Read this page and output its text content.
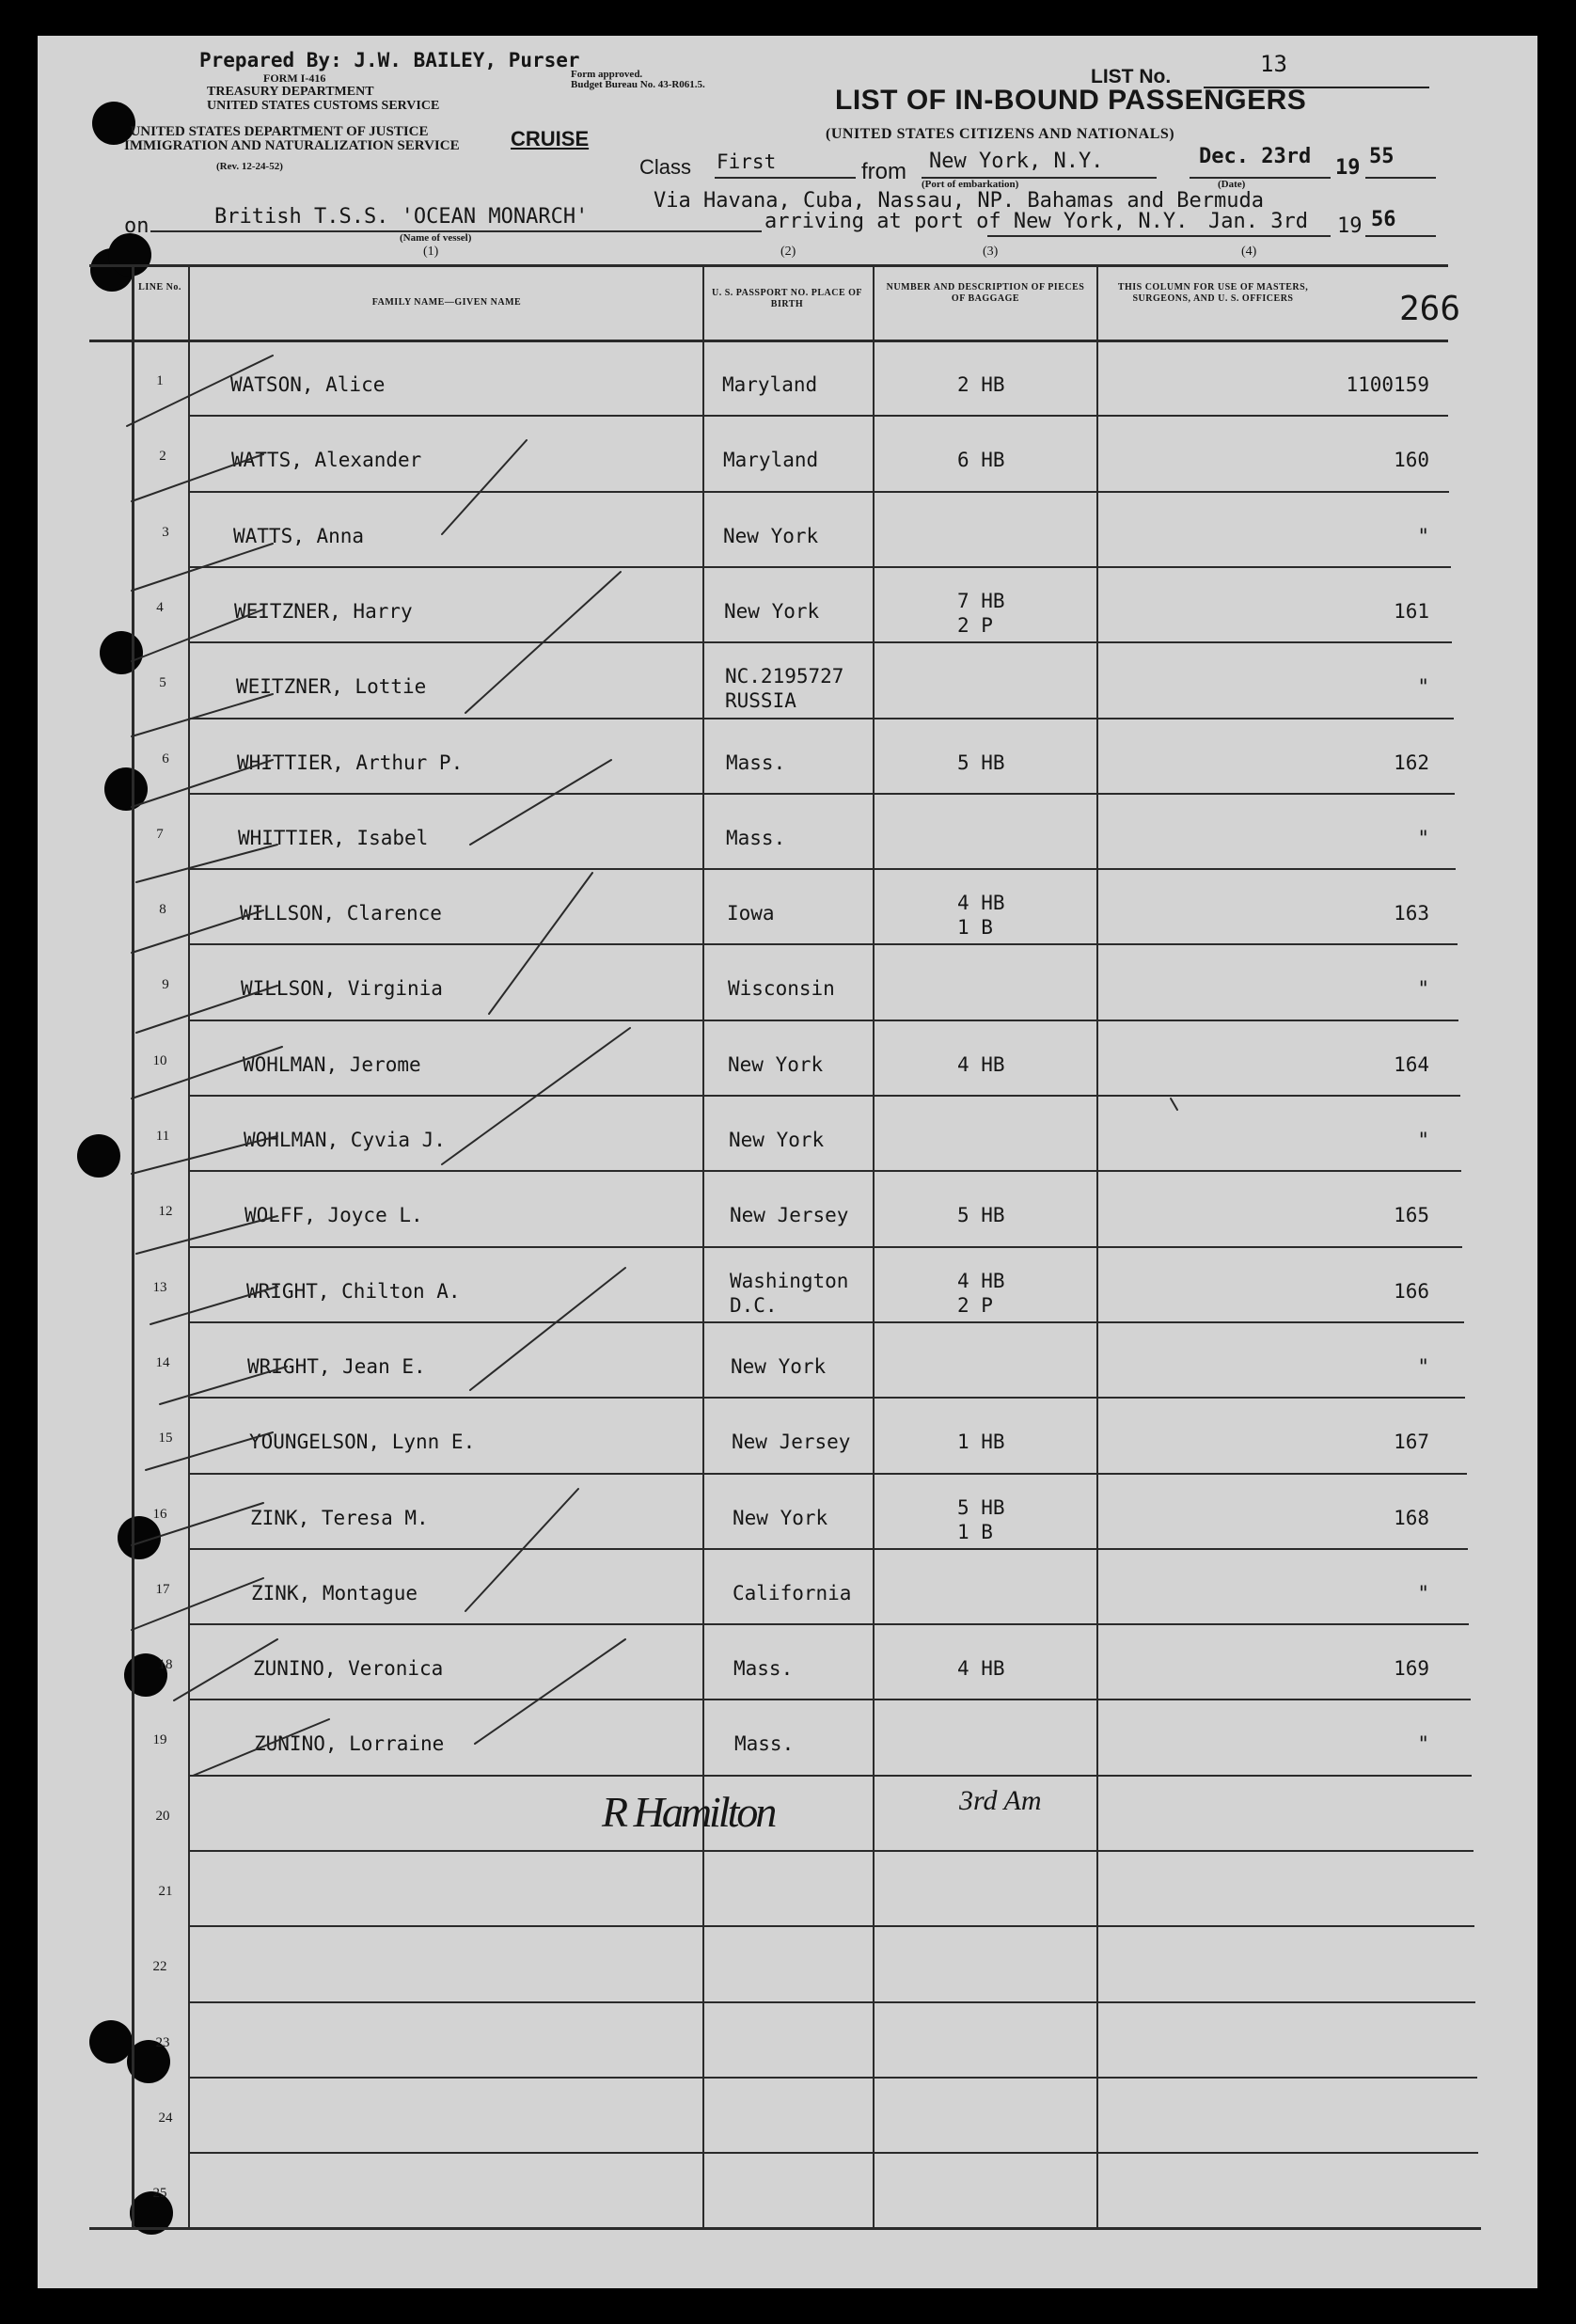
Prepared By: J.W. BAILEY, Purser
FORM I-416	Form approved.
Budget Bureau No. 43-R061.5.
TREASURY DEPARTMENT
UNITED STATES CUSTOMS SERVICE
UNITED STATES DEPARTMENT OF JUSTICE
IMMIGRATION AND NATURALIZATION SERVICE
(Rev. 12-24-52)
CRUISE
LIST No.	13
LIST OF IN-BOUND PASSENGERS
(UNITED STATES CITIZENS AND NATIONALS)
Class First	from New York, N.Y.	Dec. 23rd 19 55
(Port of embarkation)	(Date)
Via Havana, Cuba, Nassau, NP. Bahamas and Bermuda
arriving at port of New York, N.Y. Jan. 3rd 19 56
on	British T.S.S. 'OCEAN MONARCH'
(Name of vessel)
(1)	(2)	(3)	(4)
266
LINE No.
FAMILY NAME—GIVEN NAME
U. S. PASSPORT NO. PLACE OF BIRTH
NUMBER AND DESCRIPTION OF PIECES OF BAGGAGE
THIS COLUMN FOR USE OF MASTERS, SURGEONS, AND U. S. OFFICERS
1	WATSON, Alice	Maryland	2 HB	1100159
2	WATTS, Alexander	Maryland	6 HB	160
3	WATTS, Anna	New York	"
4	WEITZNER, Harry	New York	7 HB
2 P
161
5	WEITZNER, Lottie	NC.2195727
RUSSIA
"
6	WHITTIER, Arthur P.	Mass.	5 HB	162
7	WHITTIER, Isabel	Mass.	"
8	WILLSON, Clarence	Iowa	4 HB
1 B
163
9	WILLSON, Virginia	Wisconsin	"
10	WOHLMAN, Jerome	New York	4 HB	164
11	WOHLMAN, Cyvia J.	New York	"
12	WOLFF, Joyce L.	New Jersey	5 HB	165
13	WRIGHT, Chilton A.	Washington
D.C.
4 HB
2 P
166
14	WRIGHT, Jean E.	New York	"
15	YOUNGELSON, Lynn E.	New Jersey	1 HB	167
16	ZINK, Teresa M.	New York	5 HB
1 B
168
17	ZINK, Montague	California	"
18	ZUNINO, Veronica	Mass.	4 HB	169
19	ZUNINO, Lorraine	Mass.	"
20
21
22
23
24
25
R Hamilton	3rd Am
